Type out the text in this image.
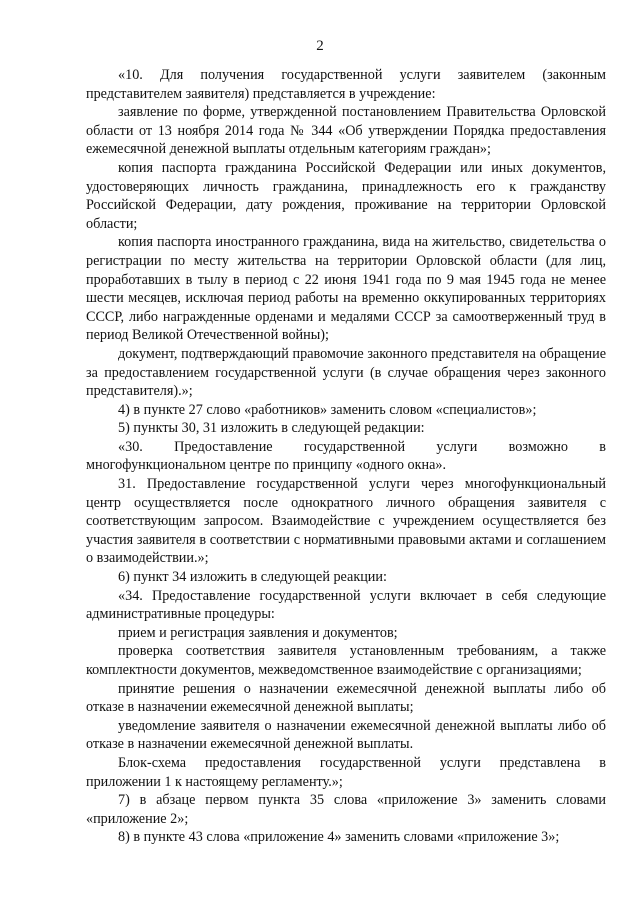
2

«10. Для получения государственной услуги заявителем (законным представителем заявителя) представляется в учреждение:

заявление по форме, утвержденной постановлением Правительства Орловской области от 13 ноября 2014 года № 344 «Об утверждении Порядка предоставления ежемесячной денежной выплаты отдельным категориям граждан»;

копия паспорта гражданина Российской Федерации или иных документов, удостоверяющих личность гражданина, принадлежность его к гражданству Российской Федерации, дату рождения, проживание на территории Орловской области;

копия паспорта иностранного гражданина, вида на жительство, свидетельства о регистрации по месту жительства на территории Орловской области (для лиц, проработавших в тылу в период с 22 июня 1941 года по 9 мая 1945 года не менее шести месяцев, исключая период работы на временно оккупированных территориях СССР, либо награжденные орденами и медалями СССР за самоотверженный труд в период Великой Отечественной войны);

документ, подтверждающий правомочие законного представителя на обращение за предоставлением государственной услуги (в случае обращения через законного представителя).»;

4) в пункте 27 слово «работников» заменить словом «специалистов»;

5) пункты 30, 31 изложить в следующей редакции:

«30. Предоставление государственной услуги возможно в многофункциональном центре по принципу «одного окна».

31. Предоставление государственной услуги через многофункциональный центр осуществляется после однократного личного обращения заявителя с соответствующим запросом. Взаимодействие с учреждением осуществляется без участия заявителя в соответствии с нормативными правовыми актами и соглашением о взаимодействии.»;

6) пункт 34 изложить в следующей реакции:

«34. Предоставление государственной услуги включает в себя следующие административные процедуры:

прием и регистрация заявления и документов;

проверка соответствия заявителя установленным требованиям, а также комплектности документов, межведомственное взаимодействие с организациями;

принятие решения о назначении ежемесячной денежной выплаты либо об отказе в назначении ежемесячной денежной выплаты;

уведомление заявителя о назначении ежемесячной денежной выплаты либо об отказе в назначении ежемесячной денежной выплаты.

Блок-схема предоставления государственной услуги представлена в приложении 1 к настоящему регламенту.»;

7) в абзаце первом пункта 35 слова «приложение 3» заменить словами «приложение 2»;

8) в пункте 43 слова «приложение 4» заменить словами «приложение 3»;
